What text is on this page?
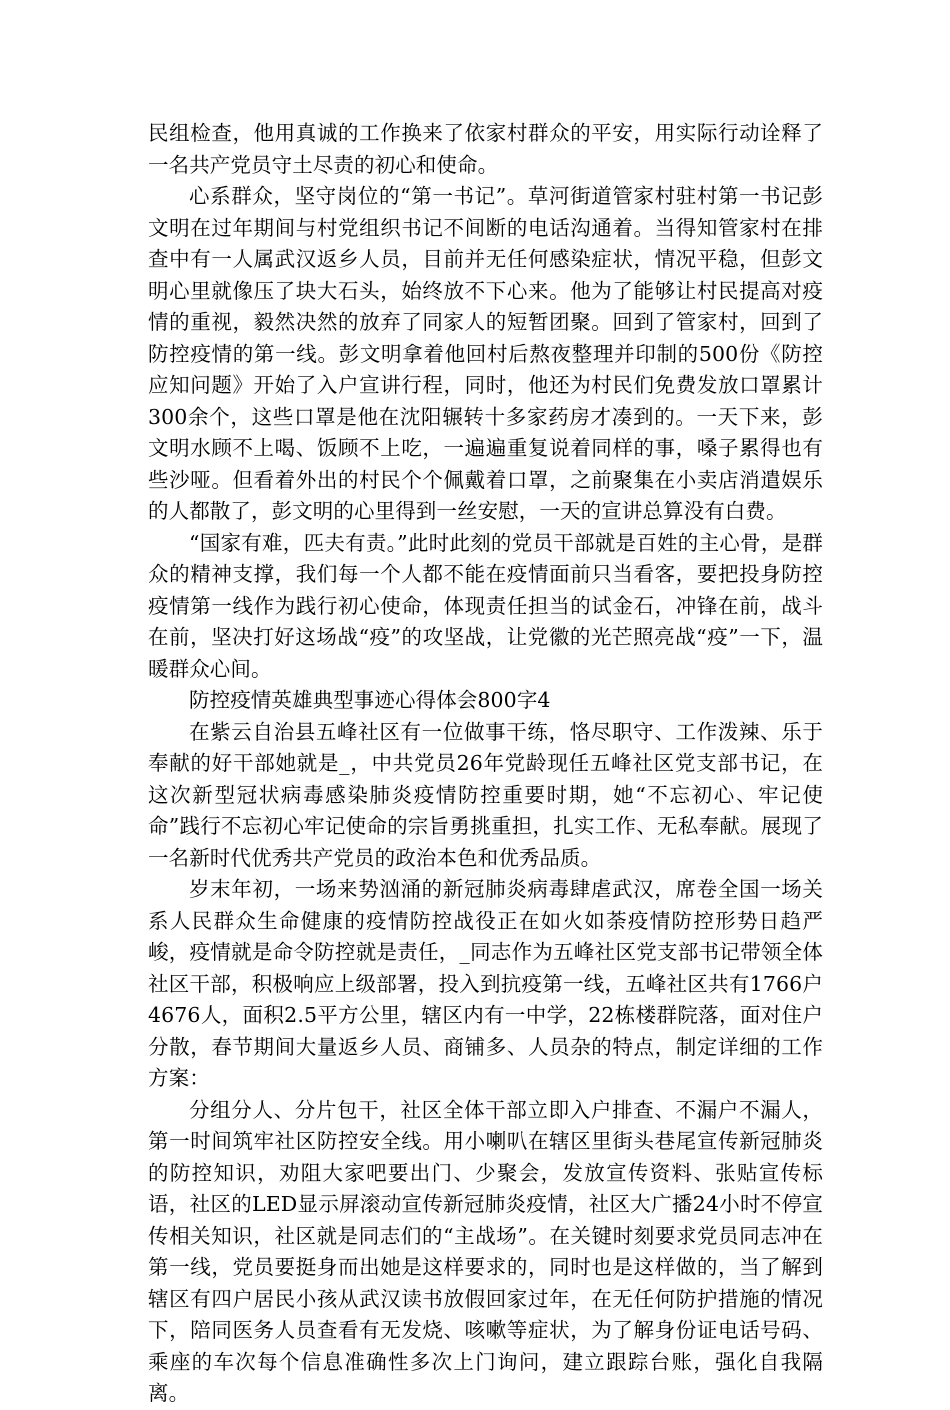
民组检查，他用真诚的工作换来了依家村群众的平安，用实际行动诠释了一名共产党员守土尽责的初心和使命。

心系群众，坚守岗位的“第一书记”。草河街道管家村驻村第一书记彭文明在过年期间与村党组织书记不间断的电话沟通着。当得知管家村在排查中有一人属武汉返乡人员，目前并无任何感染症状，情况平稳，但彭文明心里就像压了块大石头，始终放不下心来。他为了能够让村民提高对疫情的重视，毅然决然的放弃了同家人的短暂团聚。回到了管家村，回到了防控疫情的第一线。彭文明拿着他回村后熬夜整理并印制的500份《防控应知问题》开始了入户宣讲行程，同时，他还为村民们免费发放口罩累计300余个，这些口罩是他在沈阳辗转十多家药房才凑到的。一天下来，彭文明水顾不上喝、饭顾不上吃，一遍遍重复说着同样的事，嗓子累得也有些沙哑。但看着外出的村民个个佩戴着口罩，之前聚集在小卖店消遣娱乐的人都散了，彭文明的心里得到一丝安慰，一天的宣讲总算没有白费。

“国家有难，匹夫有责。”此时此刻的党员干部就是百姓的主心骨，是群众的精神支撑，我们每一个人都不能在疫情面前只当看客，要把投身防控疫情第一线作为践行初心使命，体现责任担当的试金石，冲锋在前，战斗在前，坚决打好这场战“疫”的攻坚战，让党徽的光芒照亮战“疫”一下，温暖群众心间。

防控疫情英雄典型事迹心得体会800字4

在紫云自治县五峰社区有一位做事干练，恪尽职守、工作泼辣、乐于奉献的好干部她就是_，中共党员26年党龄现任五峰社区党支部书记，在这次新型冠状病毒感染肺炎疫情防控重要时期，她“不忘初心、牢记使命”践行不忘初心牢记使命的宗旨勇挑重担，扎实工作、无私奉献。展现了一名新时代优秀共产党员的政治本色和优秀品质。

岁末年初，一场来势汹涌的新冠肺炎病毒肆虐武汉，席卷全国一场关系人民群众生命健康的疫情防控战役正在如火如荼疫情防控形势日趋严峻，疫情就是命令防控就是责任，_同志作为五峰社区党支部书记带领全体社区干部，积极响应上级部署，投入到抗疫第一线，五峰社区共有1766户4676人，面积2.5平方公里，辖区内有一中学，22栋楼群院落，面对住户分散，春节期间大量返乡人员、商铺多、人员杂的特点，制定详细的工作方案：

分组分人、分片包干，社区全体干部立即入户排查、不漏户不漏人，第一时间筑牢社区防控安全线。用小喇叭在辖区里街头巷尾宣传新冠肺炎的防控知识，劝阻大家吧要出门、少聚会，发放宣传资料、张贴宣传标语，社区的LED显示屏滚动宣传新冠肺炎疫情，社区大广播24小时不停宣传相关知识，社区就是同志们的“主战场”。在关键时刻要求党员同志冲在第一线，党员要挺身而出她是这样要求的，同时也是这样做的，当了解到辖区有四户居民小孩从武汉读书放假回家过年，在无任何防护措施的情况下，陪同医务人员查看有无发烧、咳嗽等症状，为了解身份证电话号码、乘座的车次每个信息准确性多次上门询问，建立跟踪台账，强化自我隔离。
